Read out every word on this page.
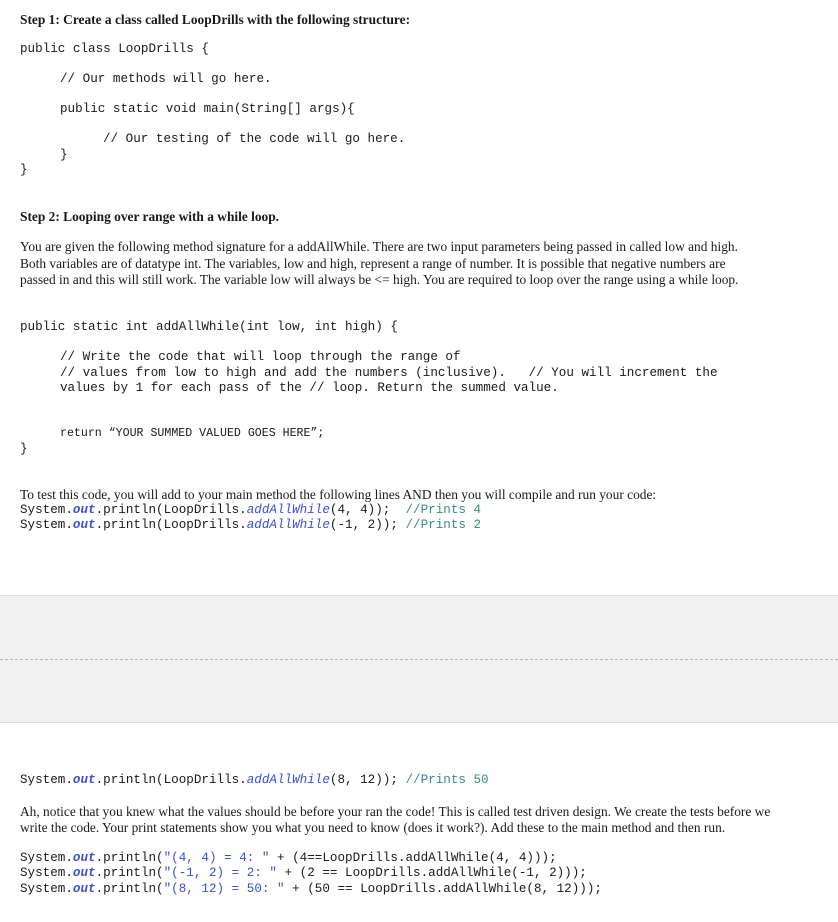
Step 1: Create a class called LoopDrills with the following structure:
public class LoopDrills {
// Our methods will go here.
public static void main(String[] args){
// Our testing of the code will go here.
}
}
Step 2: Looping over range with a while loop.
You are given the following method signature for a addAllWhile. There are two input parameters being passed in called low and high.
Both variables are of datatype int. The variables, low and high, represent a range of number. It is possible that negative numbers are
passed in and this will still work. The variable low will always be <= high. You are required to loop over the range using a while loop.
public static int addAllWhile(int low, int high) {
// Write the code that will loop through the range of
// values from low to high and add the numbers (inclusive).   // You will increment the
values by 1 for each pass of the // loop. Return the summed value.
return “YOUR SUMMED VALUED GOES HERE”;
}
To test this code, you will add to your main method the following lines AND then you will compile and run your code:
System.out.println(LoopDrills.addAllWhile(4, 4));  //Prints 4
System.out.println(LoopDrills.addAllWhile(-1, 2)); //Prints 2
System.out.println(LoopDrills.addAllWhile(8, 12)); //Prints 50
Ah, notice that you knew what the values should be before your ran the code! This is called test driven design. We create the tests before we
write the code. Your print statements show you what you need to know (does it work?). Add these to the main method and then run.
System.out.println("(4, 4) = 4: " + (4==LoopDrills.addAllWhile(4, 4)));
System.out.println("(-1, 2) = 2: " + (2 == LoopDrills.addAllWhile(-1, 2)));
System.out.println("(8, 12) = 50: " + (50 == LoopDrills.addAllWhile(8, 12)));
